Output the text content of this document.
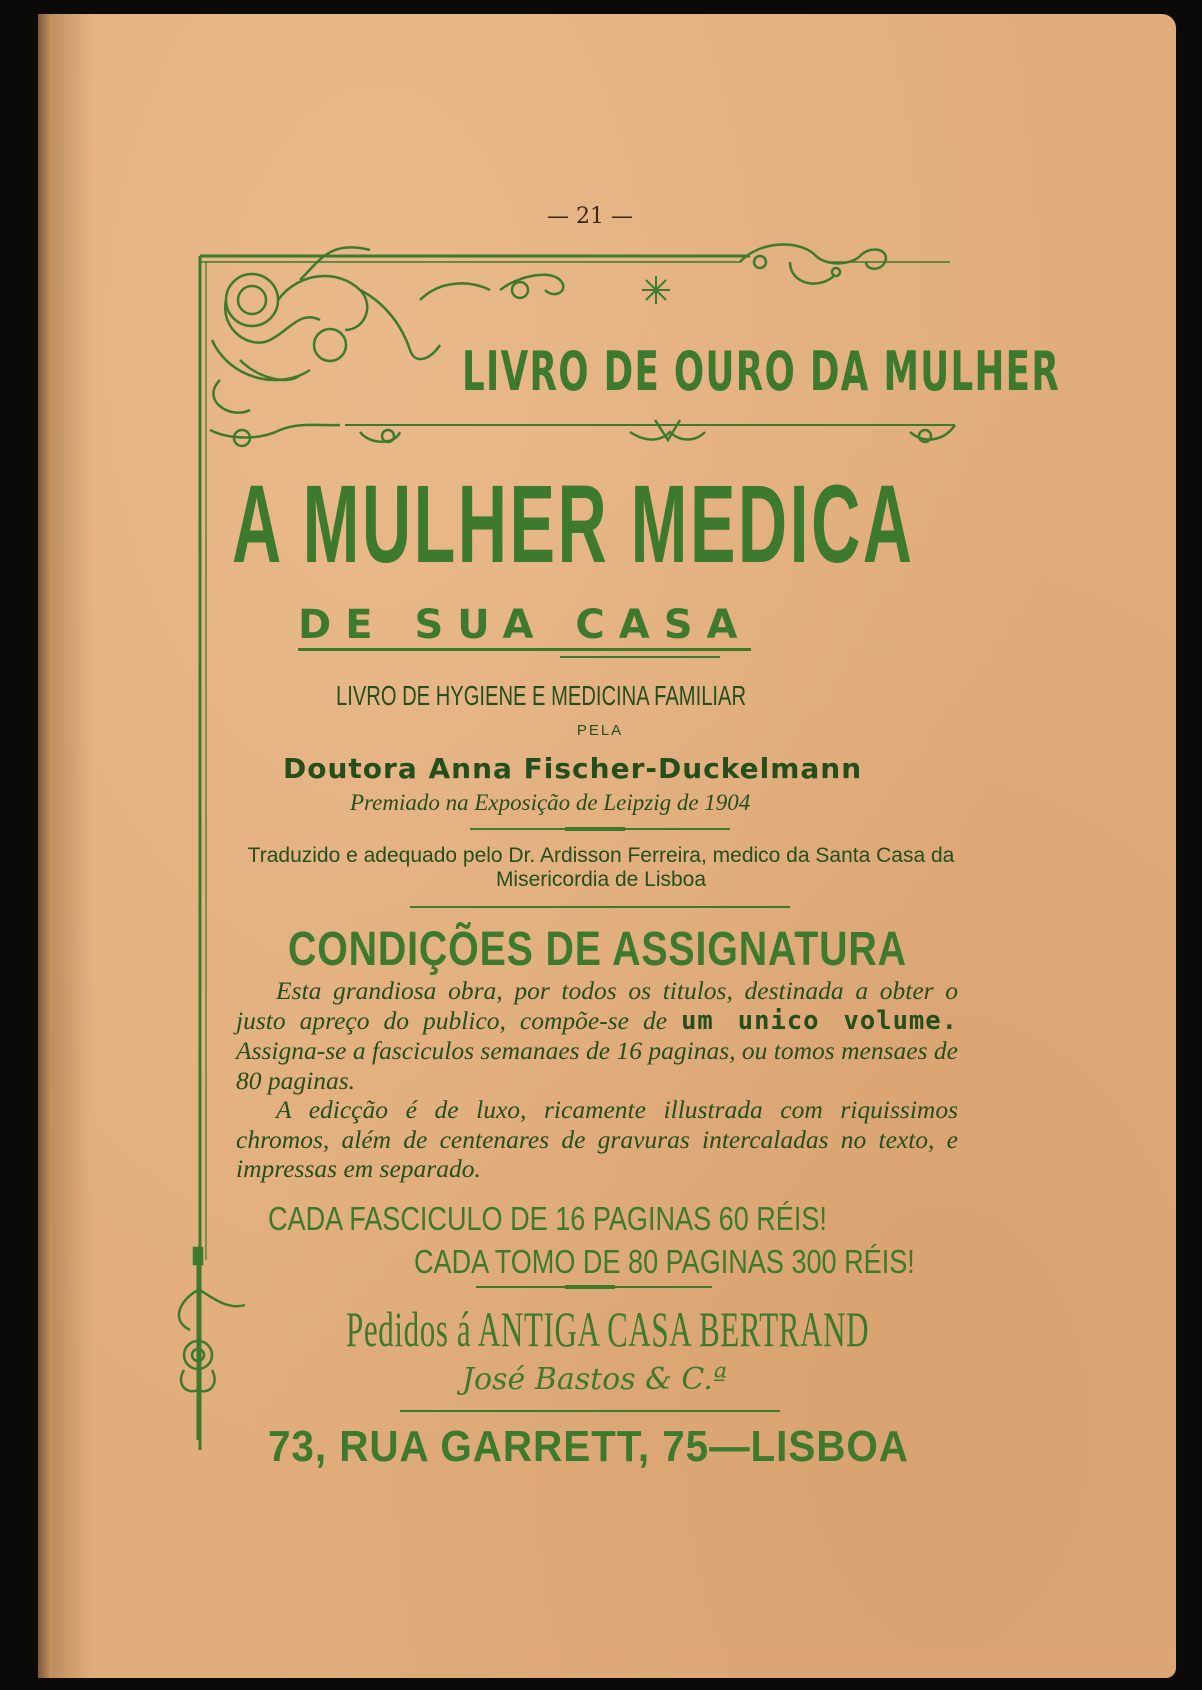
— 21 —

LIVRO DE OURO DA MULHER

A MULHER MEDICA

DE SUA CASA

LIVRO DE HYGIENE E MEDICINA FAMILIAR

PELA

Doutora Anna Fischer-Duckelmann

Premiado na Exposição de Leipzig de 1904

Traduzido e adequado pelo Dr. Ardisson Ferreira, medico da Santa Casa da Misericordia de Lisboa

CONDIÇÕES DE ASSIGNATURA

Esta grandiosa obra, por todos os titulos, destinada a obter o justo apreço do publico, compõe-se de um unico volume. Assigna-se a fasciculos semanaes de 16 paginas, ou tomos mensaes de 80 paginas.
A edicção é de luxo, ricamente illustrada com riquissimos chromos, além de centenares de gravuras intercaladas no texto, e impressas em separado.

CADA FASCICULO DE 16 PAGINAS 60 RÉIS!

CADA TOMO DE 80 PAGINAS 300 RÉIS!

Pedidos á ANTIGA CASA BERTRAND

José Bastos & C.ª

73, RUA GARRETT, 75—LISBOA
